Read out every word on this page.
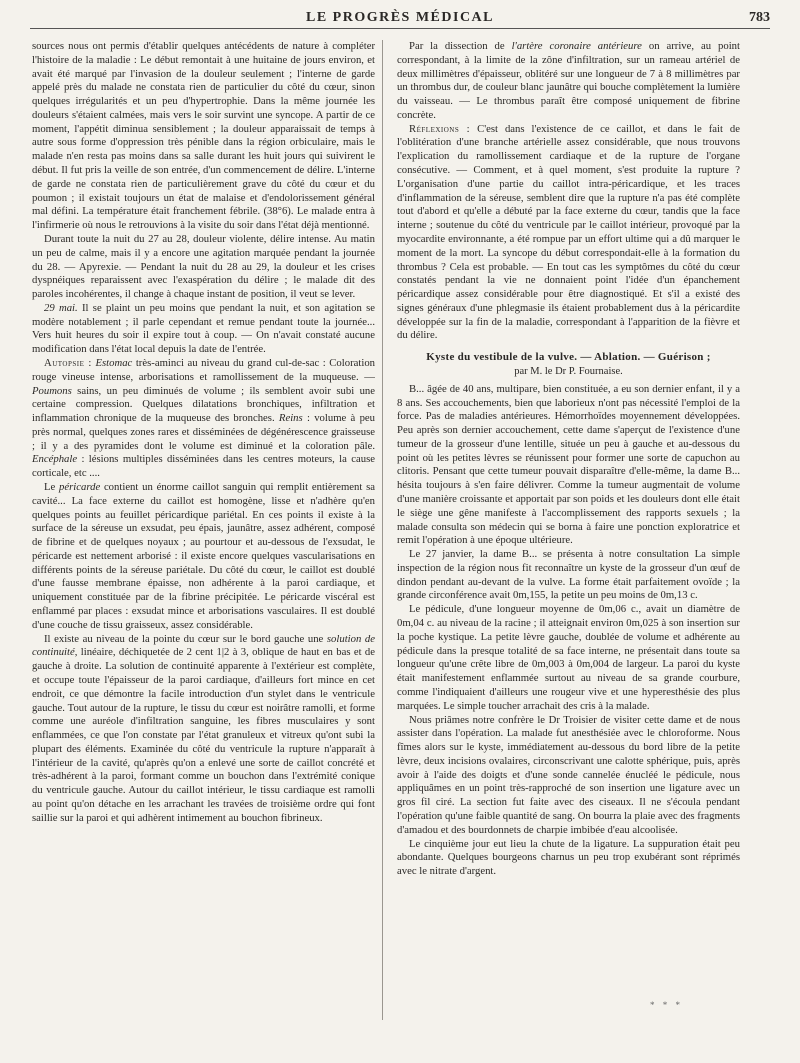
LE PROGRÈS MÉDICAL	783

sources nous ont permis d'établir quelques antécédents de nature à compléter l'histoire de la maladie : Le début remontait à une huitaine de jours environ, et avait été marqué par l'invasion de la douleur seulement ; l'interne de garde appelé près du malade ne constata rien de particulier du côté du cœur, sinon quelques irrégularités et un peu d'hypertrophie. Dans la même journée les douleurs s'étaient calmées, mais vers le soir survint une syncope. A partir de ce moment, l'appétit diminua sensiblement ; la douleur apparaissait de temps à autre sous forme d'oppression très pénible dans la région orbiculaire, mais le malade n'en resta pas moins dans sa salle durant les huit jours qui suivirent le début. Il fut pris la veille de son entrée, d'un commencement de délire. L'interne de garde ne constata rien de particulièrement grave du côté du cœur et du poumon ; il existait toujours un état de malaise et d'endolorissement général mal défini. La température était franchement fébrile. (38°6). Le malade entra à l'infirmerie où nous le retrouvions à la visite du soir dans l'état déjà mentionné.

Durant toute la nuit du 27 au 28, douleur violente, délire intense. Au matin un peu de calme, mais il y a encore une agitation marquée pendant la journée du 28. — Apyrexie. — Pendant la nuit du 28 au 29, la douleur et les crises dyspnéiques reparaissent avec l'exaspération du délire ; le malade dit des paroles incohérentes, il change à chaque instant de position, il veut se lever.

29 mai. Il se plaint un peu moins que pendant la nuit, et son agitation se modère notablement ; il parle cependant et remue pendant toute la journée... Vers huit heures du soir il expire tout à coup. — On n'avait constaté aucune modification dans l'état local depuis la date de l'entrée.

Autopsie : Estomac très-aminci au niveau du grand cul-de-sac : Coloration rouge vineuse intense, arborisations et ramollissement de la muqueuse. — Poumons sains, un peu diminués de volume ; ils semblent avoir subi une certaine compression. Quelques dilatations bronchiques, infiltration et inflammation chronique de la muqueuse des bronches. Reins : volume à peu près normal, quelques zones rares et disséminées de dégénérescence graisseuse ; il y a des pyramides dont le volume est diminué et la coloration pâle. Encéphale : lésions multiples disséminées dans les centres moteurs, la cause corticale, etc ....

Le péricarde contient un énorme caillot sanguin qui remplit entièrement sa cavité... La face externe du caillot est homogène, lisse et n'adhère qu'en quelques points au feuillet péricardique pariétal. En ces points il existe à la surface de la séreuse un exsudat, peu épais, jaunâtre, assez adhérent, composé de fibrine et de quelques noyaux ; au pourtour et au-dessous de l'exsudat, le péricarde est nettement arborisé : il existe encore quelques vascularisations en différents points de la séreuse pariétale. Du côté du cœur, le caillot est doublé d'une fausse membrane épaisse, non adhérente à la paroi cardiaque, et uniquement constituée par de la fibrine précipitée. Le péricarde viscéral est enflammé par places : exsudat mince et arborisations vasculaires. Il est doublé d'une couche de tissu graisseux, assez considérable.

Il existe au niveau de la pointe du cœur sur le bord gauche une solution de continuité, linéaire, déchiquetée de 2 cent 1|2 à 3, oblique de haut en bas et de gauche à droite. La solution de continuité apparente à l'extérieur est complète, et occupe toute l'épaisseur de la paroi cardiaque, d'ailleurs fort mince en cet endroit, ce que démontre la facile introduction d'un stylet dans le ventricule gauche. Tout autour de la rupture, le tissu du cœur est noirâtre ramolli, et forme comme une auréole d'infiltration sanguine, les fibres musculaires y sont enflammées, ce que l'on constate par l'état granuleux et vitreux qu'ont subi la plupart des éléments. Examinée du côté du ventricule la rupture n'apparaît à l'intérieur de la cavité, qu'après qu'on a enlevé une sorte de caillot concrété et très-adhérent à la paroi, formant comme un bouchon dans l'extrémité conique du ventricule gauche. Autour du caillot intérieur, le tissu cardiaque est ramolli au point qu'on détache en les arrachant les travées de troisième ordre qui font saillie sur la paroi et qui adhèrent intimement au bouchon fibrineux.

Par la dissection de l'artère coronaire antérieure on arrive, au point correspondant, à la limite de la zône d'infiltration, sur un rameau artériel de deux millimètres d'épaisseur, oblitéré sur une longueur de 7 à 8 millimètres par un thrombus dur, de couleur blanc jaunâtre qui bouche complètement la lumière du vaisseau. — Le thrombus paraît être composé uniquement de fibrine concrète.

Réflexions : C'est dans l'existence de ce caillot, et dans le fait de l'oblitération d'une branche artérielle assez considérable, que nous trouvons l'explication du ramollissement cardiaque et de la rupture de l'organe consécutive. — Comment, et à quel moment, s'est produite la rupture ? L'organisation d'une partie du caillot intra-péricardique, et les traces d'inflammation de la séreuse, semblent dire que la rupture n'a pas été complète tout d'abord et qu'elle a débuté par la face externe du cœur, tandis que la face interne ; soutenue du côté du ventricule par le caillot intérieur, provoqué par la myocardite environnante, a été rompue par un effort ultime qui a dû marquer le moment de la mort. La syncope du début correspondait-elle à la formation du thrombus ? Cela est probable. — En tout cas les symptômes du côté du cœur constatés pendant la vie ne donnaient point l'idée d'un épanchement péricardique assez considérable pour être diagnostiqué. Et s'il a existé des signes généraux d'une phlegmasie ils étaient probablement dus à la péricardite développée sur la fin de la maladie, correspondant à l'apparition de la fièvre et du délire.

Kyste du vestibule de la vulve. — Ablation. — Guérison ;

par M. le Dr P. Fournaise.

B... âgée de 40 ans, multipare, bien constituée, a eu son dernier enfant, il y a 8 ans. Ses accouchements, bien que laborieux n'ont pas nécessité l'emploi de la force. Pas de maladies antérieures. Hémorrhoïdes moyennement développées. Peu après son dernier accouchement, cette dame s'aperçut de l'existence d'une tumeur de la grosseur d'une lentille, située un peu à gauche et au-dessous du point où les petites lèvres se réunissent pour former une sorte de capuchon au clitoris. Pensant que cette tumeur pouvait disparaître d'elle-même, la dame B... hésita toujours à s'en faire délivrer. Comme la tumeur augmentait de volume d'une manière croissante et apportait par son poids et les douleurs dont elle était le siège une gêne manifeste à l'accomplissement des rapports sexuels ; la malade consulta son médecin qui se borna à faire une ponction exploratrice et remit l'opération à une époque ultérieure.

Le 27 janvier, la dame B... se présenta à notre consultation La simple inspection de la région nous fit reconnaître un kyste de la grosseur d'un œuf de dindon pendant au-devant de la vulve. La forme était parfaitement ovoïde ; la grande circonférence avait 0m,155, la petite un peu moins de 0m,13 c.

Le pédicule, d'une longueur moyenne de 0m,06 c., avait un diamètre de 0m,04 c. au niveau de la racine ; il atteignait environ 0m,025 à son insertion sur la poche kystique. La petite lèvre gauche, doublée de volume et adhérente au pédicule dans la presque totalité de sa face interne, ne présentait dans toute sa longueur qu'une crête libre de 0m,003 à 0m,004 de largeur. La paroi du kyste était manifestement enflammée surtout au niveau de sa grande courbure, comme l'indiquaient d'ailleurs une rougeur vive et une hyperesthésie des plus marquées. Le simple toucher arrachait des cris à la malade.

Nous priâmes notre confrère le Dr Troisier de visiter cette dame et de nous assister dans l'opération. La malade fut anesthésiée avec le chloroforme. Nous fîmes alors sur le kyste, immédiatement au-dessous du bord libre de la petite lèvre, deux incisions ovalaires, circonscrivant une calotte sphérique, puis, après avoir à l'aide des doigts et d'une sonde cannelée énucléé le pédicule, nous appliquâmes en un point très-rapproché de son insertion une ligature avec un gros fil ciré. La section fut faite avec des ciseaux. Il ne s'écoula pendant l'opération qu'une faible quantité de sang. On bourra la plaie avec des fragments d'amadou et des bourdonnets de charpie imbibée d'eau alcoolisée.

Le cinquième jour eut lieu la chute de la ligature. La suppuration était peu abondante. Quelques bourgeons charnus un peu trop exubérant sont réprimés avec le nitrate d'argent.

* * *
